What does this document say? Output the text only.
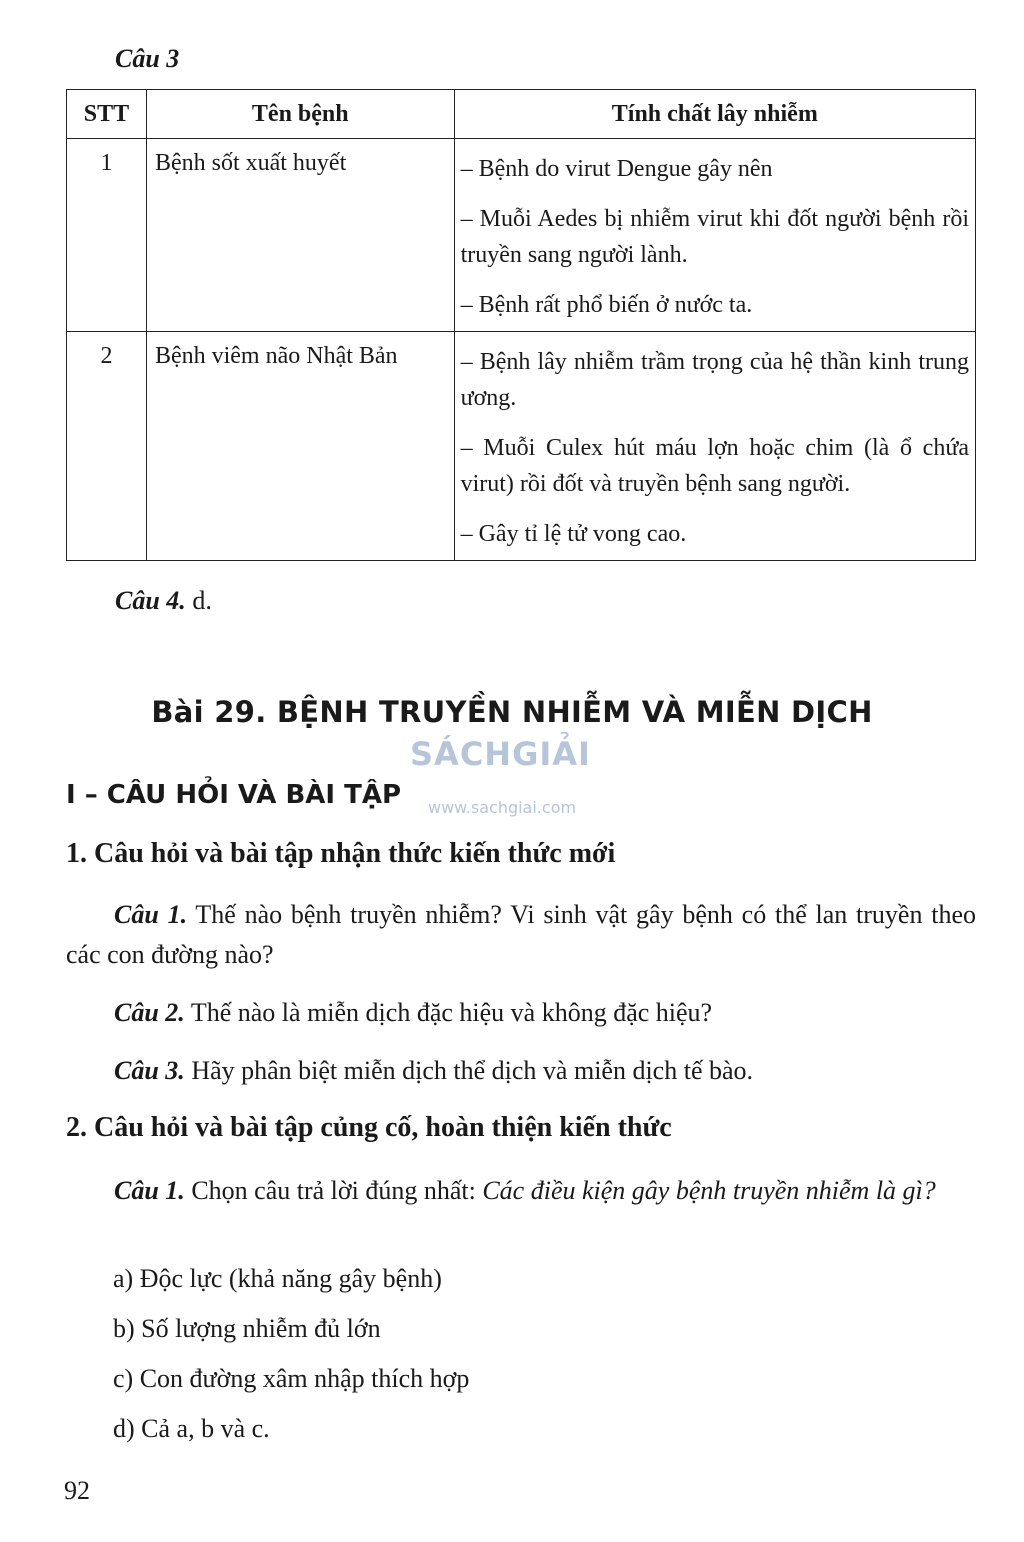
Câu 3
STT	Tên bệnh	Tính chất lây nhiễm
1	Bệnh sốt xuất huyết	– Bệnh do virut Dengue gây nên
– Muỗi Aedes bị nhiễm virut khi đốt người bệnh rồi truyền sang người lành.
– Bệnh rất phổ biến ở nước ta.

2	Bệnh viêm não Nhật Bản	– Bệnh lây nhiễm trầm trọng của hệ thần kinh trung ương.
– Muỗi Culex hút máu lợn hoặc chim (là ổ chứa virut) rồi đốt và truyền bệnh sang người.
– Gây tỉ lệ tử vong cao.
Câu 4. d.
Bài 29. BỆNH TRUYỀN NHIỄM VÀ MIỄN DỊCH
SÁCHGIẢI
www.sachgiai.com
I – CÂU HỎI VÀ BÀI TẬP
1. Câu hỏi và bài tập nhận thức kiến thức mới
Câu 1. Thế nào bệnh truyền nhiễm? Vi sinh vật gây bệnh có thể lan truyền theo các con đường nào?
Câu 2. Thế nào là miễn dịch đặc hiệu và không đặc hiệu?
Câu 3. Hãy phân biệt miễn dịch thể dịch và miễn dịch tế bào.
2. Câu hỏi và bài tập củng cố, hoàn thiện kiến thức
Câu 1. Chọn câu trả lời đúng nhất: Các điều kiện gây bệnh truyền nhiễm là gì?
a) Độc lực (khả năng gây bệnh)
b) Số lượng nhiễm đủ lớn
c) Con đường xâm nhập thích hợp
d) Cả a, b và c.
92
